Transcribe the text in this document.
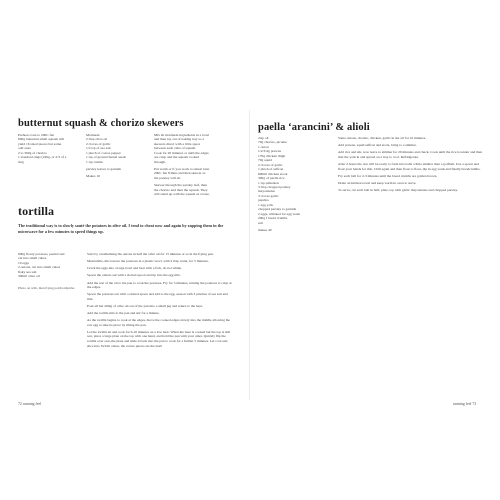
butternut squash & chorizo skewers
Preheat oven to 200C fan
600g butternut small squash will
yield 16 sized pieces but some
odd ones
2 to 360g of chorizo
1 standard rings (240g, or 2/3 of a
ring
Marinade
2 tbsp olive oil
2 cloves of garlic
1/2 tsp of sea salt
1 pinch of coarse pepper
1 tsp of ground fennel seeds
1 tsp cumin
parsley leaves to garnish
Makes 16
Mix all marinade ingredients in a bowl
and then lay out of baking tray so a
skewers direct with a little space
between each cube of squash.
Cook for 20 minutes or until the edges
are crisp and the squash cooked
through.
Put warm or if you work to reheat later
200C fan 8 mins and then skewer as
the parsley will sit.
Skewer through the parsley leaf, then
the chorizo and then the squash. They
will stand up with the squash as a base.
tortilla
The traditional way is to slowly sauté the potatoes in olive oil. I tend to cheat now and again by zapping them in the microwave for a few minutes to speed things up.
600g floury potatoes, peeled and
cut into small cubes
10 eggs
2 onions, cut into small cubes
flaky sea salt
300ml olive oil
Photo on with, then frying panToothpicks
Start by caramelising the onions in half the olive oil for 15 minutes or so in the frying pan.
Meanwhile, microwave the potatoes in a plastic bowl, with 2 tbsp water, for 5 minutes.
Crack the eggs into a large bowl and beat with a fork, do not whisk.
Spoon the onions out with a slotted spoon and tip into the egg mix.
Add the rest of the oil to the pan to cook the potatoes. Fry for 5 minutes, turning the potatoes to crisp at the edges.
Spoon the potatoes out with a slotted spoon and add to the egg, season with 3 pinches of sea salt and mix.
Pour all but 20mg of olive oil out of the pan into a small jug and return to the heat.
Add the tortilla mix to the pan and stir for a minute.
As the tortilla begins to cook at the edges, move the cooked edges slowly into the middle allowing the raw egg to take its place by tilting the pan.
Let the tortilla sit and cook for 6-10 minutes on a low heat. When the base is cooked but the top is still wet, place a large plate on the top with one hand, and hold the pan with your other. Quickly flip the tortilla over onto the plate and slide it back into the pan to cook for a further 5 minutes. Let cool and slice into 3x3cm cubes, the corner pieces are the best!
72 running feel
paella ‘arancini’ & alioli
2tsp oil
70g chorizo, picante
1 onion
1/2/3/4g prawns
170g chicken thigh
70g squid
2 cloves of garlic
1 pinch of saffron
600ml chicken stock
300g of paella rice
1 tsp pimenton
3 tbsp chopped parsley
mayonnaise
3 cloves garlic
paprika
1 egg yolk
chopped parsley to garnish
2 eggs, whisked for egg wash
200g f bread crumbs
salt
makes 40
Saute onions, chorizo, chicken, garlic in the oil for 10 minutes.
Add prawns, squid saffron and stock, bring to a simmer.
Add rice and stir, now leave to simmer for 20 minutes and check. Cook until the rice is tender and then mix the yolk in and spread on a tray to cool. Refridgerate.
After 2 hours the rice will be ready to form into balls a little smaller than a golfball. Use a spoon and flour your hands for this. Chill again and then flour to flour, dip in egg wash and finally breadcrumbs.
Fry each ball for 2-3 minutes until the bread crumbs are golden brown.
Drain on kitchen towel and keep warm in oven to serve.
To serve, cut each ball in half, plate, top with garlic mayonnaise and chopped parsley.
running feel 73
